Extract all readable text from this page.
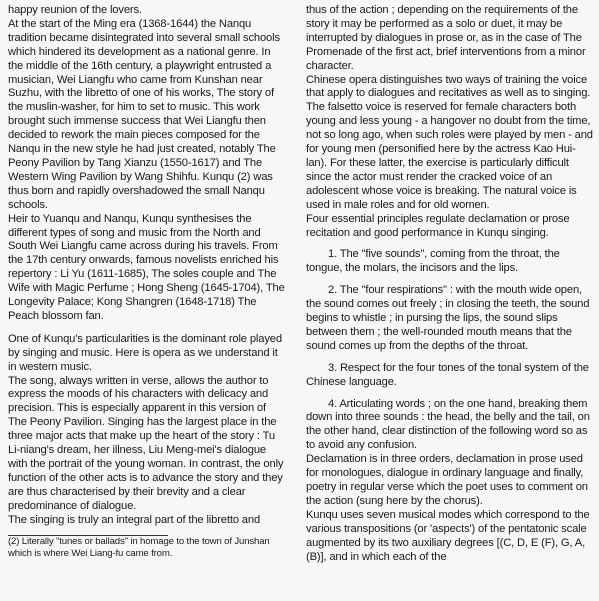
happy reunion of the lovers.

At the start of the Ming era (1368-1644) the Nanqu tradition became disintegrated into several small schools which hindered its development as a national genre. In the middle of the 16th century, a playwright entrusted a musician, Wei Liangfu who came from Kunshan near Suzhu, with the libretto of one of his works, The story of the muslin-washer, for him to set to music. This work brought such immense success that Wei Liangfu then decided to rework the main pieces composed for the Nanqu in the new style he had just created, notably The Peony Pavilion by Tang Xianzu (1550-1617) and The Western Wing Pavilion by Wang Shihfu. Kunqu (2) was thus born and rapidly overshadowed the small Nanqu schools.

Heir to Yuanqu and Nanqu, Kunqu synthesises the different types of song and music from the North and South Wei Liangfu came across during his travels. From the 17th century onwards, famous novelists enriched his repertory : Li Yu (1611-1685), The soles couple and The Wife with Magic Perfume ; Hong Sheng (1645-1704), The Longevity Palace; Kong Shangren (1648-1718) The Peach blossom fan.

One of Kunqu's particularities is the dominant role played by singing and music. Here is opera as we understand it in western music.

The song, always written in verse, allows the author to express the moods of his characters with delicacy and precision. This is especially apparent in this version of The Peony Pavilion. Singing has the largest place in the three major acts that make up the heart of the story : Tu Li-niang's dream, her illness, Liu Meng-mei's dialogue with the portrait of the young woman. In contrast, the only function of the other acts is to advance the story and they are thus characterised by their brevity and a clear predominance of dialogue.

The singing is truly an integral part of the libretto and

(2) Literally "tunes or ballads" in homage to the town of Junshan which is where Wei Liang-fu came from.

thus of the action ; depending on the requirements of the story it may be performed as a solo or duet, it may be interrupted by dialogues in prose or, as in the case of The Promenade of the first act, brief interventions from a minor character.

Chinese opera distinguishes two ways of training the voice that apply to dialogues and recitatives as well as to singing. The falsetto voice is reserved for female characters both young and less young - a hangover no doubt from the time, not so long ago, when such roles were played by men - and for young men (personified here by the actress Kao Hui-lan). For these latter, the exercise is particularly difficult since the actor must render the cracked voice of an adolescent whose voice is breaking. The natural voice is used in male roles and for old women.

Four essential principles regulate declamation or prose recitation and good performance in Kunqu singing.

1. The "five sounds", coming from the throat, the tongue, the molars, the incisors and the lips.

2. The "four respirations" : with the mouth wide open, the sound comes out freely ; in closing the teeth, the sound begins to whistle ; in pursing the lips, the sound slips between them ; the well-rounded mouth means that the sound comes up from the depths of the throat.

3. Respect for the four tones of the tonal system of the Chinese language.

4. Articulating words ; on the one hand, breaking them down into three sounds : the head, the belly and the tail, on the other hand, clear distinction of the following word so as to avoid any confusion.

Declamation is in three orders, declamation in prose used for monologues, dialogue in ordinary language and finally, poetry in regular verse which the poet uses to comment on the action (sung here by the chorus).

Kunqu uses seven musical modes which correspond to the various transpositions (or 'aspects') of the pentatonic scale augmented by its two auxiliary degrees [(C, D, E (F), G, A, (B)], and in which each of the
